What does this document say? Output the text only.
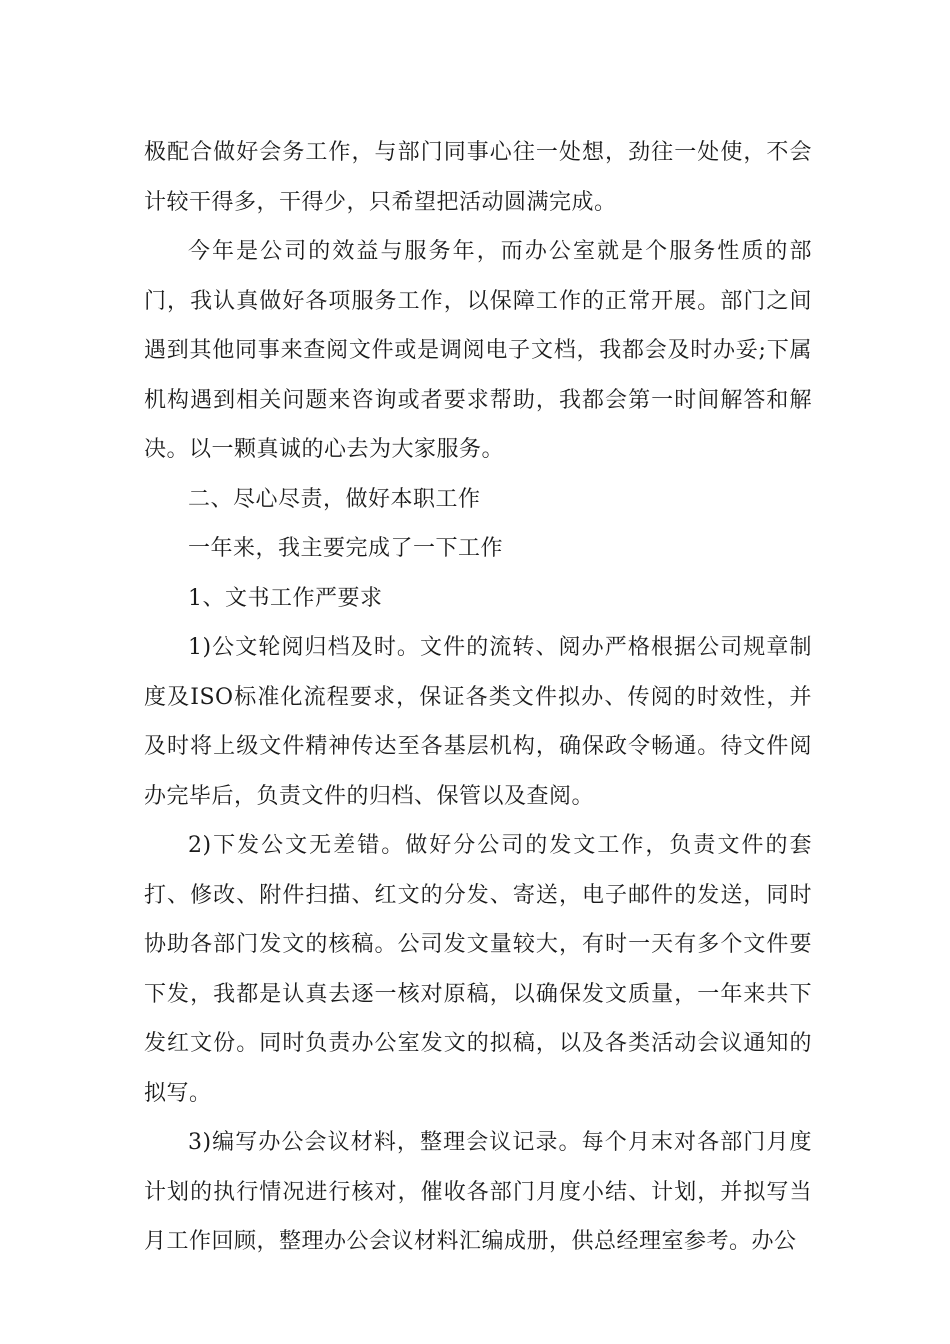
极配合做好会务工作，与部门同事心往一处想，劲往一处使，不会计较干得多，干得少，只希望把活动圆满完成。

今年是公司的效益与服务年，而办公室就是个服务性质的部门，我认真做好各项服务工作，以保障工作的正常开展。部门之间遇到其他同事来查阅文件或是调阅电子文档，我都会及时办妥;下属机构遇到相关问题来咨询或者要求帮助，我都会第一时间解答和解决。以一颗真诚的心去为大家服务。

二、尽心尽责，做好本职工作

一年来，我主要完成了一下工作

1、文书工作严要求

1)公文轮阅归档及时。文件的流转、阅办严格根据公司规章制度及ISO标准化流程要求，保证各类文件拟办、传阅的时效性，并及时将上级文件精神传达至各基层机构，确保政令畅通。待文件阅办完毕后，负责文件的归档、保管以及查阅。

2)下发公文无差错。做好分公司的发文工作，负责文件的套打、修改、附件扫描、红文的分发、寄送，电子邮件的发送，同时协助各部门发文的核稿。公司发文量较大，有时一天有多个文件要下发，我都是认真去逐一核对原稿，以确保发文质量，一年来共下发红文份。同时负责办公室发文的拟稿，以及各类活动会议通知的拟写。

3)编写办公会议材料，整理会议记录。每个月末对各部门月度计划的执行情况进行核对，催收各部门月度小结、计划，并拟写当月工作回顾，整理办公会议材料汇编成册，供总经理室参考。办公
